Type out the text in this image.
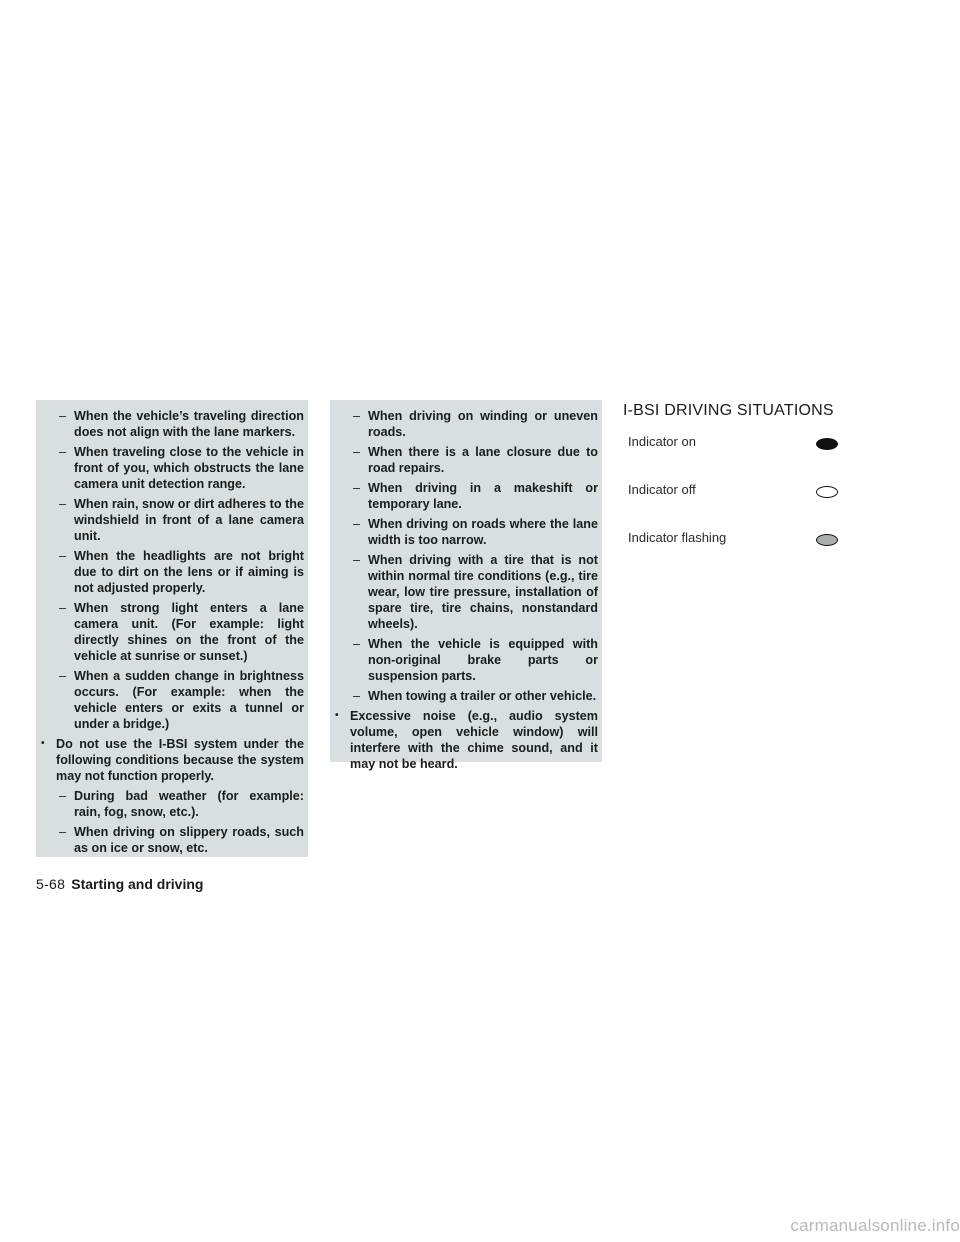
– When the vehicle’s traveling direction does not align with the lane markers.
– When traveling close to the vehicle in front of you, which obstructs the lane camera unit detection range.
– When rain, snow or dirt adheres to the windshield in front of a lane camera unit.
– When the headlights are not bright due to dirt on the lens or if aiming is not adjusted properly.
– When strong light enters a lane camera unit. (For example: light directly shines on the front of the vehicle at sunrise or sunset.)
– When a sudden change in brightness occurs. (For example: when the vehicle enters or exits a tunnel or under a bridge.)
• Do not use the I-BSI system under the following conditions because the system may not function properly.
– During bad weather (for example: rain, fog, snow, etc.).
– When driving on slippery roads, such as on ice or snow, etc.
– When driving on winding or uneven roads.
– When there is a lane closure due to road repairs.
– When driving in a makeshift or temporary lane.
– When driving on roads where the lane width is too narrow.
– When driving with a tire that is not within normal tire conditions (e.g., tire wear, low tire pressure, installation of spare tire, tire chains, nonstandard wheels).
– When the vehicle is equipped with non-original brake parts or suspension parts.
– When towing a trailer or other vehicle.
• Excessive noise (e.g., audio system volume, open vehicle window) will interfere with the chime sound, and it may not be heard.
I-BSI DRIVING SITUATIONS
Indicator on
Indicator off
Indicator flashing
5-68 Starting and driving
carmanualsonline.info
